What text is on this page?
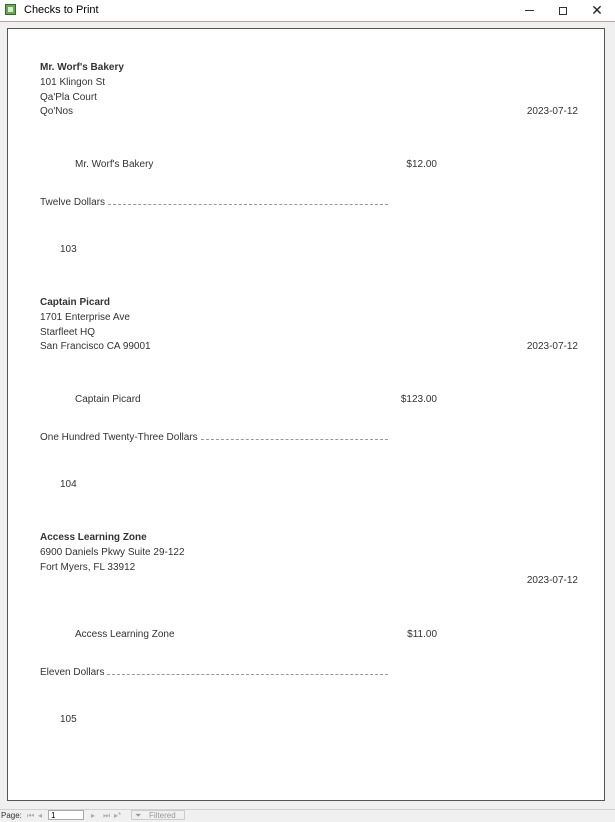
Checks to Print	✕
Mr. Worf's Bakery
101 Klingon St
Qa'Pla Court
Qo'Nos	2023-07-12
Mr. Worf's Bakery	$12.00
Twelve Dollars
103
Captain Picard
1701 Enterprise Ave
Starfleet HQ
San Francisco CA 99001	2023-07-12
Captain Picard	$123.00
One Hundred Twenty-Three Dollars
104
Access Learning Zone
6900 Daniels Pkwy Suite 29-122
Fort Myers, FL 33912
2023-07-12
Access Learning Zone	$11.00
Eleven Dollars
105
Page: ⏮ ◂	1	▸ ⏭ ▸* ⏷ Filtered
